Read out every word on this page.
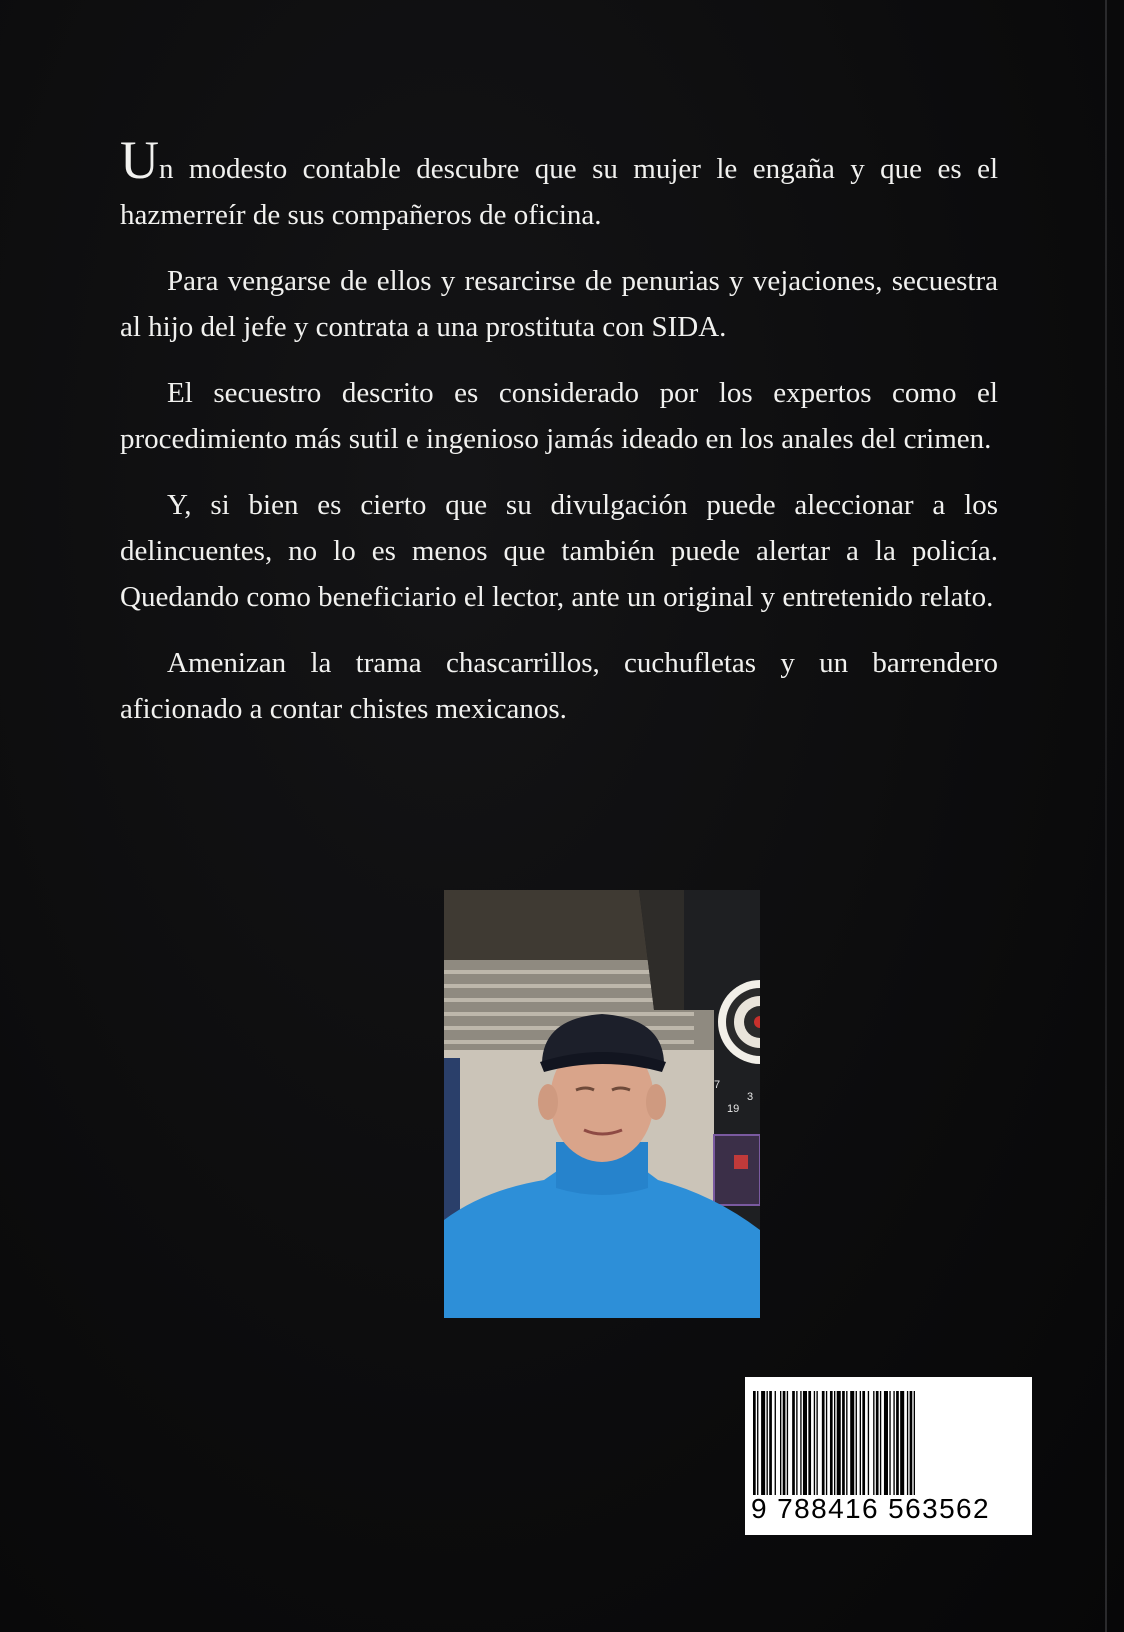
Un modesto contable descubre que su mujer le engaña y que es el hazmerreír de sus compañeros de oficina.

Para vengarse de ellos y resarcirse de penurias y vejaciones, secuestra al hijo del jefe y contrata a una prostituta con SIDA.

El secuestro descrito es considerado por los expertos como el procedimiento más sutil e ingenioso jamás ideado en los anales del crimen.

Y, si bien es cierto que su divulgación puede aleccionar a los delincuentes, no lo es menos que también puede alertar a la policía. Quedando como beneficiario el lector, ante un original y entretenido relato.

Amenizan la trama chascarrillos, cuchufletas y un barrendero aficionado a contar chistes mexicanos.

7
19
3
9 788416 563562
